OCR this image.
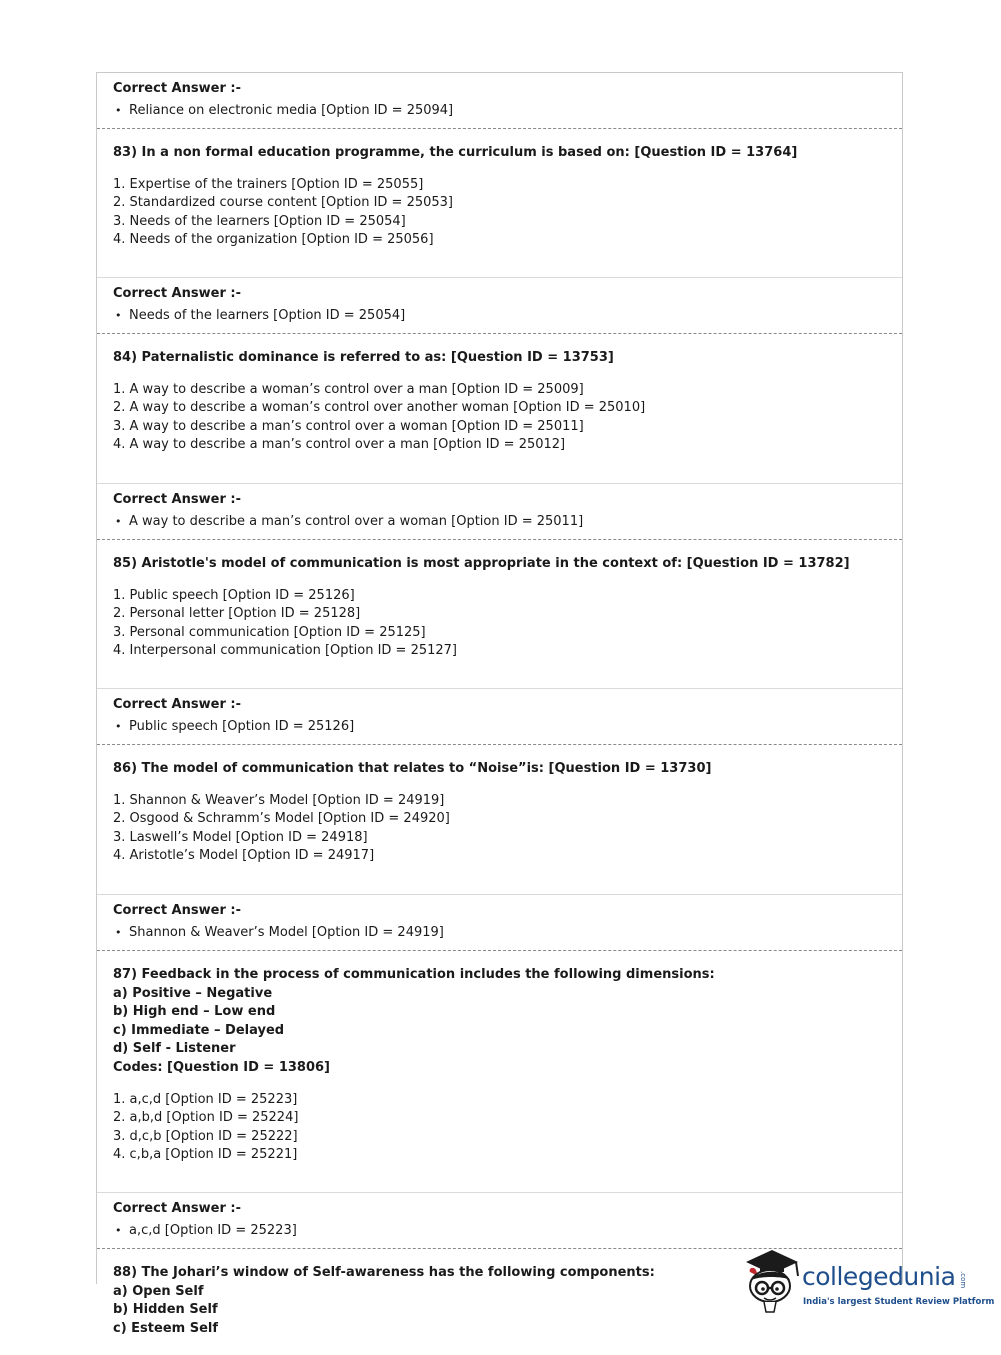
Correct Answer :-
• Reliance on electronic media [Option ID = 25094]
83) In a non formal education programme, the curriculum is based on: [Question ID = 13764]
1. Expertise of the trainers [Option ID = 25055]
2. Standardized course content [Option ID = 25053]
3. Needs of the learners [Option ID = 25054]
4. Needs of the organization [Option ID = 25056]
Correct Answer :-
• Needs of the learners [Option ID = 25054]
84) Paternalistic dominance is referred to as: [Question ID = 13753]
1. A way to describe a woman’s control over a man [Option ID = 25009]
2. A way to describe a woman’s control over another woman [Option ID = 25010]
3. A way to describe a man’s control over a woman [Option ID = 25011]
4. A way to describe a man’s control over a man [Option ID = 25012]
Correct Answer :-
• A way to describe a man’s control over a woman [Option ID = 25011]
85) Aristotle's model of communication is most appropriate in the context of: [Question ID = 13782]
1. Public speech [Option ID = 25126]
2. Personal letter [Option ID = 25128]
3. Personal communication [Option ID = 25125]
4. Interpersonal communication [Option ID = 25127]
Correct Answer :-
• Public speech [Option ID = 25126]
86) The model of communication that relates to “Noise”is: [Question ID = 13730]
1. Shannon & Weaver’s Model [Option ID = 24919]
2. Osgood & Schramm’s Model [Option ID = 24920]
3. Laswell’s Model [Option ID = 24918]
4. Aristotle’s Model [Option ID = 24917]
Correct Answer :-
• Shannon & Weaver’s Model [Option ID = 24919]
87) Feedback in the process of communication includes the following dimensions:
a) Positive – Negative
b) High end – Low end
c) Immediate – Delayed
d) Self - Listener
Codes: [Question ID = 13806]
1. a,c,d [Option ID = 25223]
2. a,b,d [Option ID = 25224]
3. d,c,b [Option ID = 25222]
4. c,b,a [Option ID = 25221]
Correct Answer :-
• a,c,d [Option ID = 25223]
88) The Johari’s window of Self-awareness has the following components:
a) Open Self
b) Hidden Self
c) Esteem Self
collegedunia .com
India's largest Student Review Platform
